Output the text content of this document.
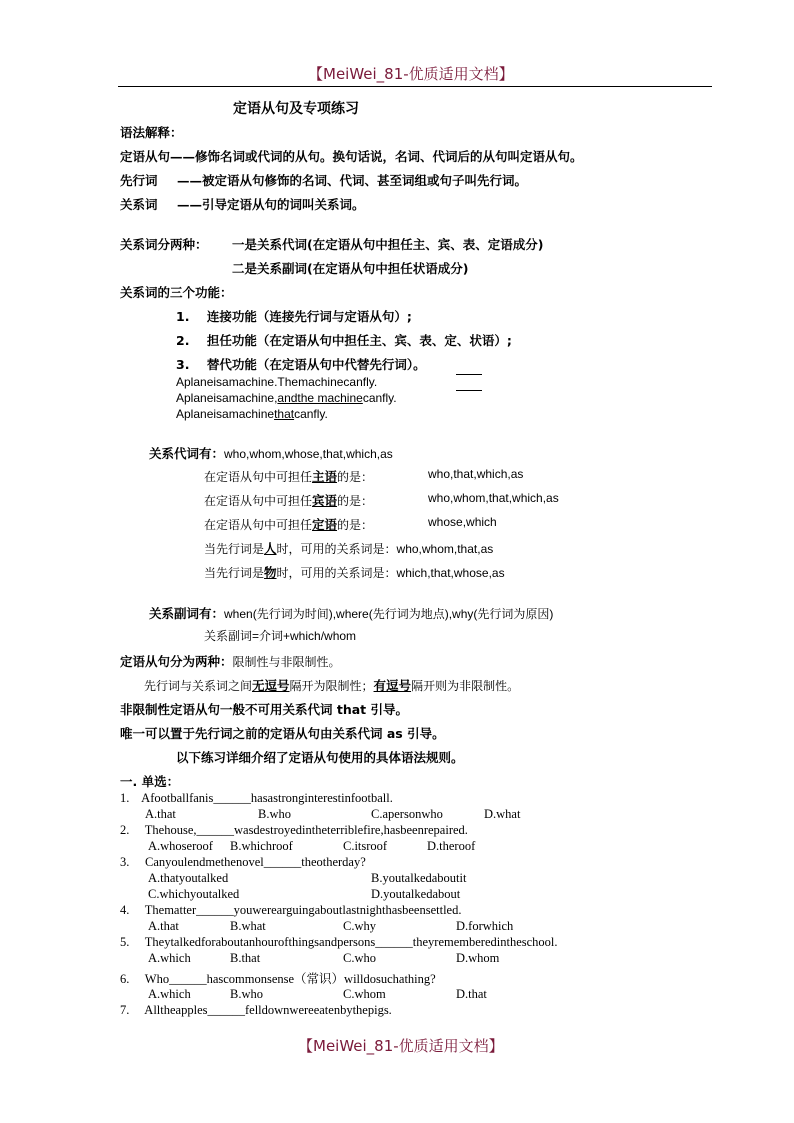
【MeiWei_81-优质适用文档】
定语从句及专项练习
语法解释：
定语从句——修饰名词或代词的从句。换句话说，名词、代词后的从句叫定语从句。
先行词 ——被定语从句修饰的名词、代词、甚至词组或句子叫先行词。
关系词 ——引导定语从句的词叫关系词。
关系词分两种： 一是关系代词(在定语从句中担任主、宾、表、定语成分)
二是关系副词(在定语从句中担任状语成分)
关系词的三个功能：
1.    连接功能（连接先行词与定语从句）;
2.    担任功能（在定语从句中担任主、宾、表、定、状语）;
3.    替代功能（在定语从句中代替先行词）。
Aplaneisamachine.Themachinecanfly.
Aplaneisamachine,andthe machinecanfly.
Aplaneisamachinethatcanfly.
关系代词有：who,whom,whose,that,which,as
在定语从句中可担任主语的是：	who,that,which,as
在定语从句中可担任宾语的是：	who,whom,that,which,as
在定语从句中可担任定语的是：	whose,which
当先行词是人时，可用的关系词是：who,whom,that,as
当先行词是物时，可用的关系词是：which,that,whose,as
关系副词有：when(先行词为时间),where(先行词为地点),why(先行词为原因)
关系副词=介词+which/whom
定语从句分为两种：限制性与非限制性。
先行词与关系词之间无逗号隔开为限制性；有逗号隔开则为非限制性。
非限制性定语从句一般不可用关系代词 that 引导。
唯一可以置于先行词之前的定语从句由关系代词 as 引导。
以下练习详细介绍了定语从句使用的具体语法规则。
一. 单选：
1.    Afootballfanis______hasastronginterestinfootball.
A.that	B.who	C.apersonwho	D.what
2.     Thehouse,______wasdestroyedintheterriblefire,hasbeenrepaired.
A.whoseroof B.whichroof	C.itsroof	D.theroof
3.     Canyoulendmethenovel______theotherday?
A.thatyoutalked	B.youtalkedaboutit
C.whichyoutalked	D.youtalkedabout
4.     Thematter______youwerearguingaboutlastnighthasbeensettled.
A.that	B.what	C.why	D.forwhich
5.     Theytalkedforaboutanhourofthingsandpersons______theyrememberedintheschool.
A.which	B.that	C.who	D.whom
6.     Who______hascommonsense（常识）willdosuchathing?
A.which	B.who	C.whom	D.that
7.     Alltheapples______felldownwereeatenbythepigs.
【MeiWei_81-优质适用文档】
